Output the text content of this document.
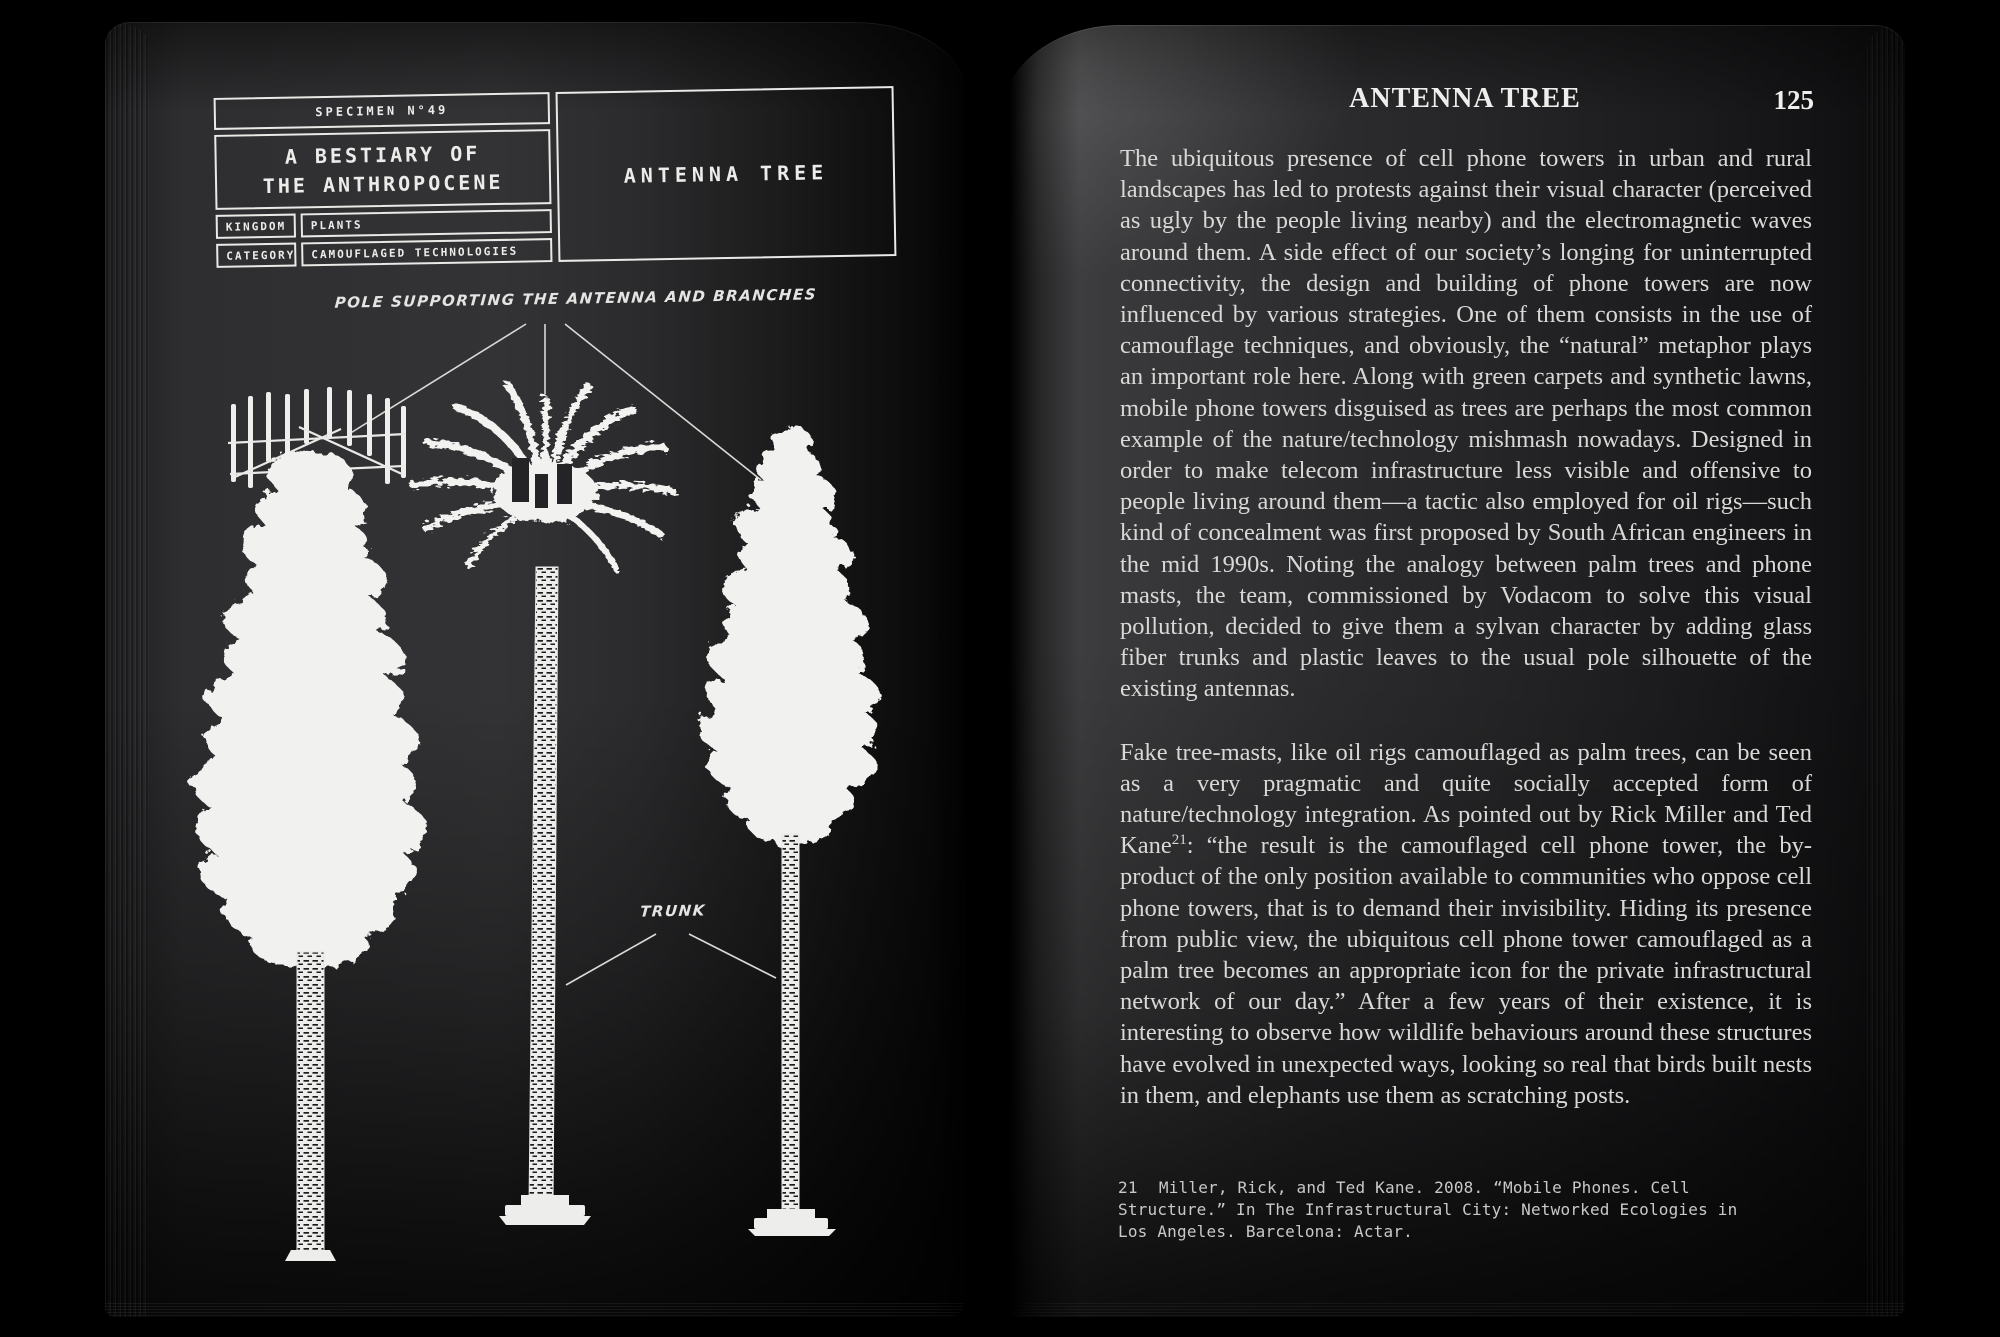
SPECIMEN N°49
A BESTIARY OF
THE ANTHROPOCENE
KINGDOM	PLANTS
CATEGORY	CAMOUFLAGED TECHNOLOGIES
ANTENNA TREE
POLE SUPPORTING THE ANTENNA AND BRANCHES
TRUNK
ANTENNA TREE	125

The ubiquitous presence of cell phone towers in urban and rural landscapes has led to protests against their visual character (perceived as ugly by the people living nearby) and the electromagnetic waves around them. A side effect of our society’s longing for uninterrupted connectivity, the design and building of phone towers are now influenced by various strategies. One of them consists in the use of camouflage techniques, and obviously, the “natural” metaphor plays an important role here. Along with green carpets and synthetic lawns, mobile phone towers disguised as trees are perhaps the most common example of the nature/technology mishmash nowadays. Designed in order to make telecom infrastructure less visible and offensive to people living around them—a tactic also employed for oil rigs—such kind of concealment was first proposed by South African engineers in the mid 1990s. Noting the analogy between palm trees and phone masts, the team, commissioned by Vodacom to solve this visual pollution, decided to give them a sylvan character by adding glass fiber trunks and plastic leaves to the usual pole silhouette of the existing antennas.

Fake tree-masts, like oil rigs camouflaged as palm trees, can be seen as a very pragmatic and quite socially accepted form of nature/technology integration. As pointed out by Rick Miller and Ted Kane$^{21}$: “the result is the camouflaged cell phone tower, the by-product of the only position available to communities who oppose cell phone towers, that is to demand their invisibility. Hiding its presence from public view, the ubiquitous cell phone tower camouflaged as a palm tree becomes an appropriate icon for the private infrastructural network of our day.” After a few years of their existence, it is interesting to observe how wildlife behaviours around these structures have evolved in unexpected ways, looking so real that birds built nests in them, and elephants use them as scratching posts.

21 Miller, Rick, and Ted Kane. 2008. “Mobile Phones. Cell Structure.” In The Infrastructural City: Networked Ecologies in Los Angeles. Barcelona: Actar.
